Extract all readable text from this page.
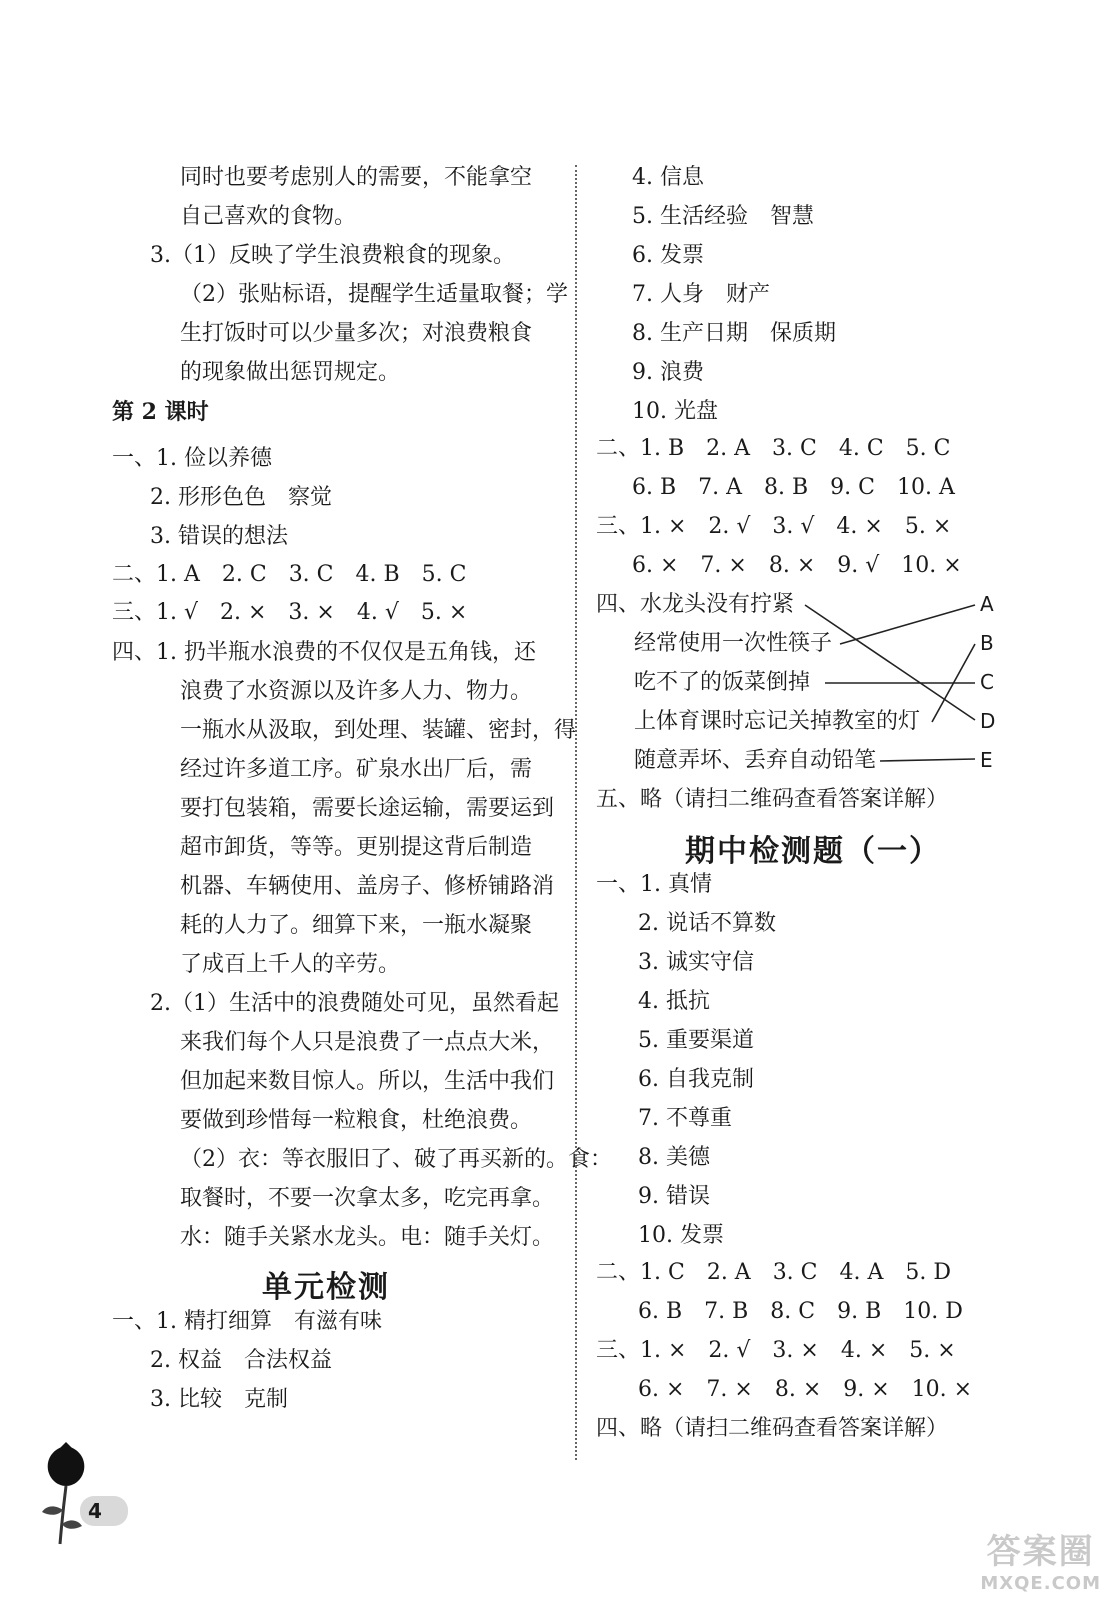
同时也要考虑别人的需要，不能拿空
自己喜欢的食物。
3.（1）反映了学生浪费粮食的现象。
（2）张贴标语，提醒学生适量取餐；学
生打饭时可以少量多次；对浪费粮食
的现象做出惩罚规定。
第 2 课时
一、1. 俭以养德
2. 形形色色　察觉
3. 错误的想法
二、1. A　2. C　3. C　4. B　5. C
三、1. √　2. ×　3. ×　4. √　5. ×
四、1. 扔半瓶水浪费的不仅仅是五角钱，还
浪费了水资源以及许多人力、物力。
一瓶水从汲取，到处理、装罐、密封，得
经过许多道工序。矿泉水出厂后，需
要打包装箱，需要长途运输，需要运到
超市卸货，等等。更别提这背后制造
机器、车辆使用、盖房子、修桥铺路消
耗的人力了。细算下来，一瓶水凝聚
了成百上千人的辛劳。
2.（1）生活中的浪费随处可见，虽然看起
来我们每个人只是浪费了一点点大米，
但加起来数目惊人。所以，生活中我们
要做到珍惜每一粒粮食，杜绝浪费。
（2）衣：等衣服旧了、破了再买新的。食：
取餐时，不要一次拿太多，吃完再拿。
水：随手关紧水龙头。电：随手关灯。
单元检测
一、1. 精打细算　有滋有味
2. 权益　合法权益
3. 比较　克制
4. 信息
5. 生活经验　智慧
6. 发票
7. 人身　财产
8. 生产日期　保质期
9. 浪费
10. 光盘
二、1. B　2. A　3. C　4. C　5. C
6. B　7. A　8. B　9. C　10. A
三、1. ×　2. √　3. √　4. ×　5. ×
6. ×　7. ×　8. ×　9. √　10. ×
四、水龙头没有拧紧
经常使用一次性筷子
吃不了的饭菜倒掉
上体育课时忘记关掉教室的灯
随意弄坏、丢弃自动铅笔
A
B
C
D
E
五、略（请扫二维码查看答案详解）
期中检测题（一）
一、1. 真情
2. 说话不算数
3. 诚实守信
4. 抵抗
5. 重要渠道
6. 自我克制
7. 不尊重
8. 美德
9. 错误
10. 发票
二、1. C　2. A　3. C　4. A　5. D
6. B　7. B　8. C　9. B　10. D
三、1. ×　2. √　3. ×　4. ×　5. ×
6. ×　7. ×　8. ×　9. ×　10. ×
四、略（请扫二维码查看答案详解）
4
答案圈
MXQE.COM
